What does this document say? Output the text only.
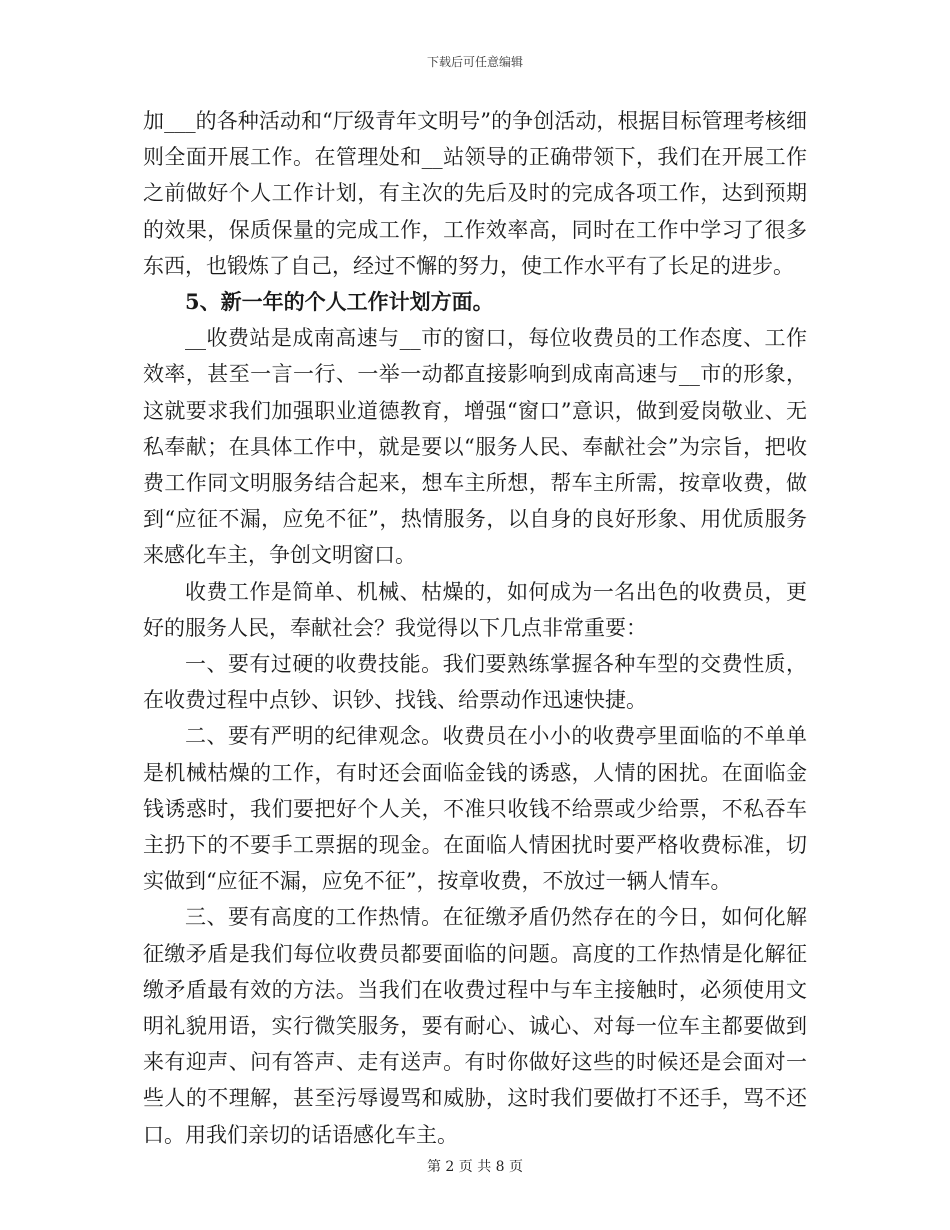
下载后可任意编辑

加___的各种活动和“厅级青年文明号”的争创活动，根据目标管理考核细则全面开展工作。在管理处和__站领导的正确带领下，我们在开展工作之前做好个人工作计划，有主次的先后及时的完成各项工作，达到预期的效果，保质保量的完成工作，工作效率高，同时在工作中学习了很多东西，也锻炼了自己，经过不懈的努力，使工作水平有了长足的进步。

5、新一年的个人工作计划方面。

__收费站是成南高速与__市的窗口，每位收费员的工作态度、工作效率，甚至一言一行、一举一动都直接影响到成南高速与__市的形象，这就要求我们加强职业道德教育，增强“窗口”意识，做到爱岗敬业、无私奉献；在具体工作中，就是要以“服务人民、奉献社会”为宗旨，把收费工作同文明服务结合起来，想车主所想，帮车主所需，按章收费，做到“应征不漏，应免不征”，热情服务，以自身的良好形象、用优质服务来感化车主，争创文明窗口。

收费工作是简单、机械、枯燥的，如何成为一名出色的收费员，更好的服务人民，奉献社会？我觉得以下几点非常重要：

一、要有过硬的收费技能。我们要熟练掌握各种车型的交费性质，在收费过程中点钞、识钞、找钱、给票动作迅速快捷。

二、要有严明的纪律观念。收费员在小小的收费亭里面临的不单单是机械枯燥的工作，有时还会面临金钱的诱惑，人情的困扰。在面临金钱诱惑时，我们要把好个人关，不准只收钱不给票或少给票，不私吞车主扔下的不要手工票据的现金。在面临人情困扰时要严格收费标准，切实做到“应征不漏，应免不征”，按章收费，不放过一辆人情车。

三、要有高度的工作热情。在征缴矛盾仍然存在的今日，如何化解征缴矛盾是我们每位收费员都要面临的问题。高度的工作热情是化解征缴矛盾最有效的方法。当我们在收费过程中与车主接触时，必须使用文明礼貌用语，实行微笑服务，要有耐心、诚心、对每一位车主都要做到来有迎声、问有答声、走有送声。有时你做好这些的时候还是会面对一些人的不理解，甚至污辱谩骂和威胁，这时我们要做打不还手，骂不还口。用我们亲切的话语感化车主。

第 2 页 共 8 页
